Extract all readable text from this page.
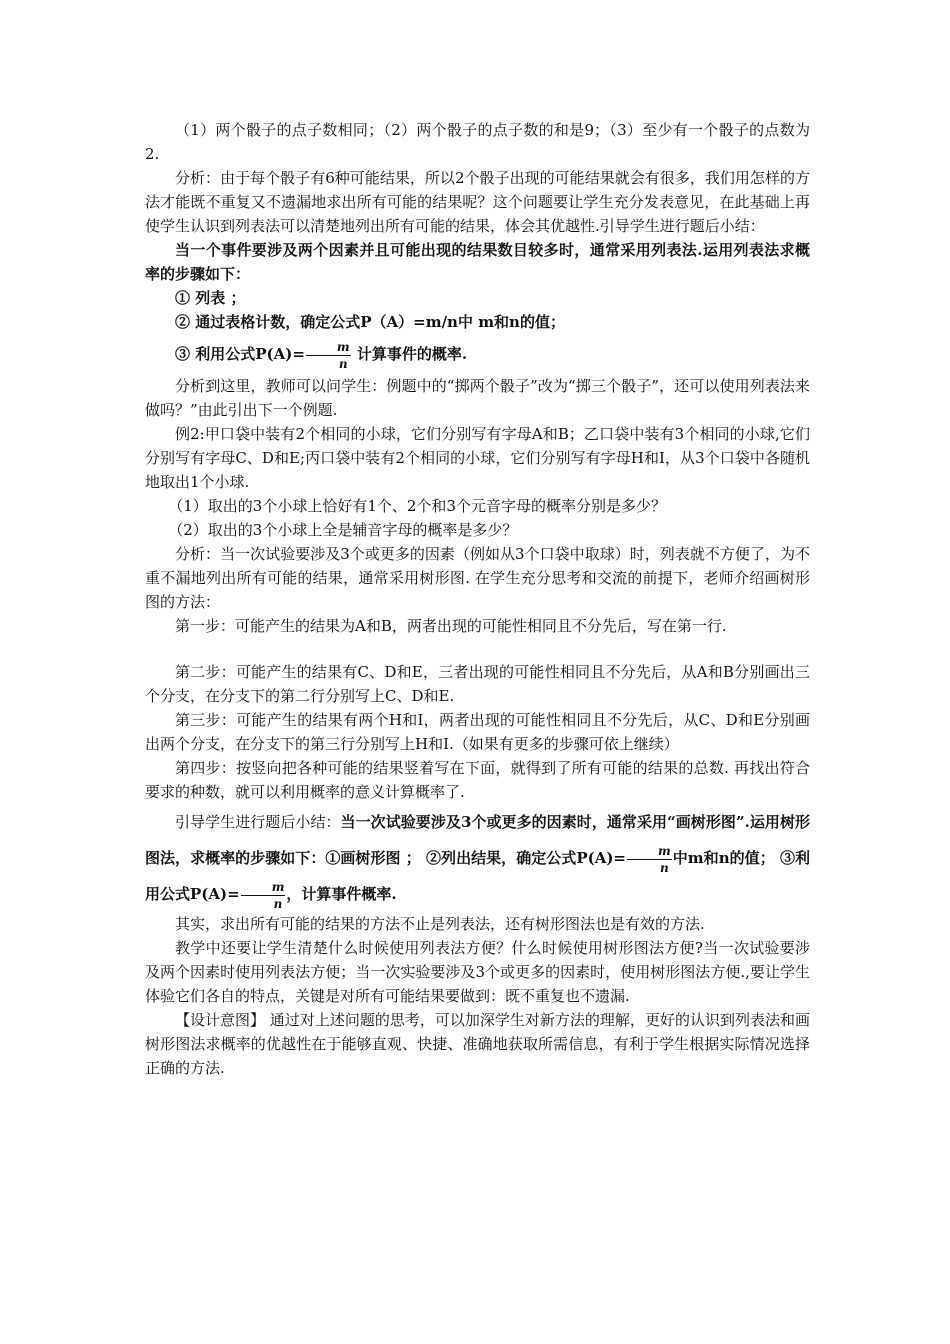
（1）两个骰子的点子数相同；（2）两个骰子的点子数的和是9；（3）至少有一个骰子的点数为2.

分析：由于每个骰子有6种可能结果，所以2个骰子出现的可能结果就会有很多，我们用怎样的方法才能既不重复又不遗漏地求出所有可能的结果呢？这个问题要让学生充分发表意见，在此基础上再使学生认识到列表法可以清楚地列出所有可能的结果，体会其优越性.引导学生进行题后小结：

当一个事件要涉及两个因素并且可能出现的结果数目较多时，通常采用列表法.运用列表法求概率的步骤如下：

① 列表 ；

② 通过表格计数，确定公式P（A）=m/n中 m和n的值；

③ 利用公式$P(A)= \frac{m}{n}$ 计算事件的概率.

分析到这里，教师可以问学生：例题中的“掷两个骰子”改为“掷三个骰子”，还可以使用列表法来做吗？”由此引出下一个例题.

例2:甲口袋中装有2个相同的小球，它们分别写有字母A和B；乙口袋中装有3个相同的小球,它们分别写有字母C、D和E;丙口袋中装有2个相同的小球，它们分别写有字母H和I，从3个口袋中各随机地取出1个小球.

（1）取出的3个小球上恰好有1个、2个和3个元音字母的概率分别是多少？

（2）取出的3个小球上全是辅音字母的概率是多少？

分析：当一次试验要涉及3个或更多的因素（例如从3个口袋中取球）时，列表就不方便了，为不重不漏地列出所有可能的结果，通常采用树形图. 在学生充分思考和交流的前提下，老师介绍画树形图的方法：

第一步：可能产生的结果为A和B，两者出现的可能性相同且不分先后，写在第一行.

第二步：可能产生的结果有C、D和E，三者出现的可能性相同且不分先后，从A和B分别画出三个分支，在分支下的第二行分别写上C、D和E.

第三步：可能产生的结果有两个H和I，两者出现的可能性相同且不分先后，从C、D和E分别画出两个分支，在分支下的第三行分别写上H和I.（如果有更多的步骤可依上继续）

第四步：按竖向把各种可能的结果竖着写在下面，就得到了所有可能的结果的总数. 再找出符合要求的种数，就可以利用概率的意义计算概率了.

引导学生进行题后小结：当一次试验要涉及3个或更多的因素时，通常采用“画树形图”.运用树形图法，求概率的步骤如下：①画树形图 ； ②列出结果，确定公式$P(A)= \frac{m}{n}$ 中m和n的值； ③利用公式$P(A)= \frac{m}{n}$ ，计算事件概率.

其实，求出所有可能的结果的方法不止是列表法，还有树形图法也是有效的方法.

教学中还要让学生清楚什么时候使用列表法方便？什么时候使用树形图法方便?当一次试验要涉及两个因素时使用列表法方便；当一次实验要涉及3个或更多的因素时，使用树形图法方便.,要让学生体验它们各自的特点，关键是对所有可能结果要做到：既不重复也不遗漏.

【设计意图】 通过对上述问题的思考，可以加深学生对新方法的理解，更好的认识到列表法和画树形图法求概率的优越性在于能够直观、快捷、准确地获取所需信息，有利于学生根据实际情况选择正确的方法.
